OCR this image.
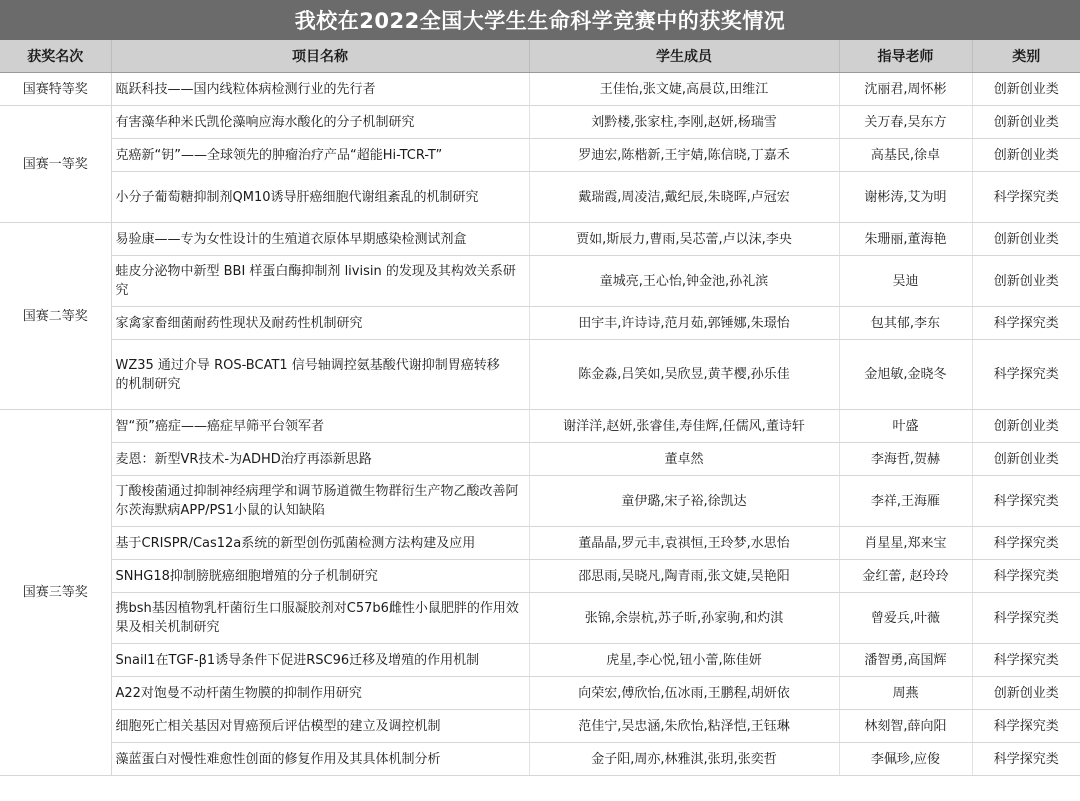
我校在2022全国大学生生命科学竞赛中的获奖情况
获奖名次	项目名称	学生成员	指导老师	类别
国赛特等奖	瓯跃科技——国内线粒体病检测行业的先行者	王佳怡,张文婕,高晨苡,田维江	沈丽君,周怀彬	创新创业类
国赛一等奖	有害藻华种米氏凯伦藻响应海水酸化的分子机制研究	刘黔楼,张家柱,李刚,赵妍,杨瑞雪	关万春,吴东方	创新创业类
	克癌新“钥”——全球领先的肿瘤治疗产品“超能Hi-TCR-T”	罗迪宏,陈楷新,王宇婧,陈信晓,丁嘉禾	高基民,徐卓	创新创业类
	小分子葡萄糖抑制剂QM10诱导肝癌细胞代谢组紊乱的机制研究	戴瑞霞,周凌洁,戴纪辰,朱晓晖,卢冠宏	谢彬涛,艾为明	科学探究类
国赛二等奖	易验康——专为女性设计的生殖道衣原体早期感染检测试剂盒	贾如,斯辰力,曹雨,吴芯蕾,卢以沫,李央	朱珊丽,董海艳	创新创业类
	蛙皮分泌物中新型 BBI 样蛋白酶抑制剂 livisin 的发现及其构效关系研究	童城亮,王心怡,钟金池,孙礼滨	吴迪	创新创业类
	家禽家畜细菌耐药性现状及耐药性机制研究	田宇丰,许诗诗,范月茹,郭锤娜,朱璟怡	包其郁,李东	科学探究类
	WZ35 通过介导 ROS-BCAT1 信号轴调控氨基酸代谢抑制胃癌转移
的机制研究	陈金淼,吕笑如,吴欣昱,黄芊樱,孙乐佳	金旭敏,金晓冬	科学探究类
国赛三等奖	智“预”癌症——癌症早筛平台领军者	谢洋洋,赵妍,张睿佳,寿佳辉,任儒风,董诗轩	叶盛	创新创业类
	麦恩：新型VR技术-为ADHD治疗再添新思路	董卓然	李海哲,贺赫	创新创业类
	丁酸梭菌通过抑制神经病理学和调节肠道微生物群衍生产物乙酸改善阿尔茨海默病APP/PS1小鼠的认知缺陷	童伊璐,宋子裕,徐凯达	李祥,王海雁	科学探究类
	基于CRISPR/Cas12a系统的新型创伤弧菌检测方法构建及应用	董晶晶,罗元丰,袁祺恒,王玲梦,水思怡	肖星星,郑来宝	科学探究类
	SNHG18抑制膀胱癌细胞增殖的分子机制研究	邵思雨,吴晓凡,陶青雨,张文婕,吴艳阳	金红蕾, 赵玲玲	科学探究类
	携bsh基因植物乳杆菌衍生口服凝胶剂对C57b6雌性小鼠肥胖的作用效果及相关机制研究	张锦,余崇杭,苏子昕,孙家驹,和灼淇	曾爱兵,叶薇	科学探究类
	Snail1在TGF-β1诱导条件下促进RSC96迁移及增殖的作用机制	虎星,李心悦,钮小蕾,陈佳妍	潘智勇,高国辉	科学探究类
	A22对饱曼不动杆菌生物膜的抑制作用研究	向荣宏,傅欣怡,伍冰雨,王鹏程,胡妍依	周燕	创新创业类
	细胞死亡相关基因对胃癌预后评估模型的建立及调控机制	范佳宁,吴忠涵,朱欣怡,粘泽恺,王钰琳	林刻智,薛向阳	科学探究类
	藻蓝蛋白对慢性难愈性创面的修复作用及其具体机制分析	金子阳,周亦,林雅淇,张玥,张奕哲	李佩珍,应俊	科学探究类
